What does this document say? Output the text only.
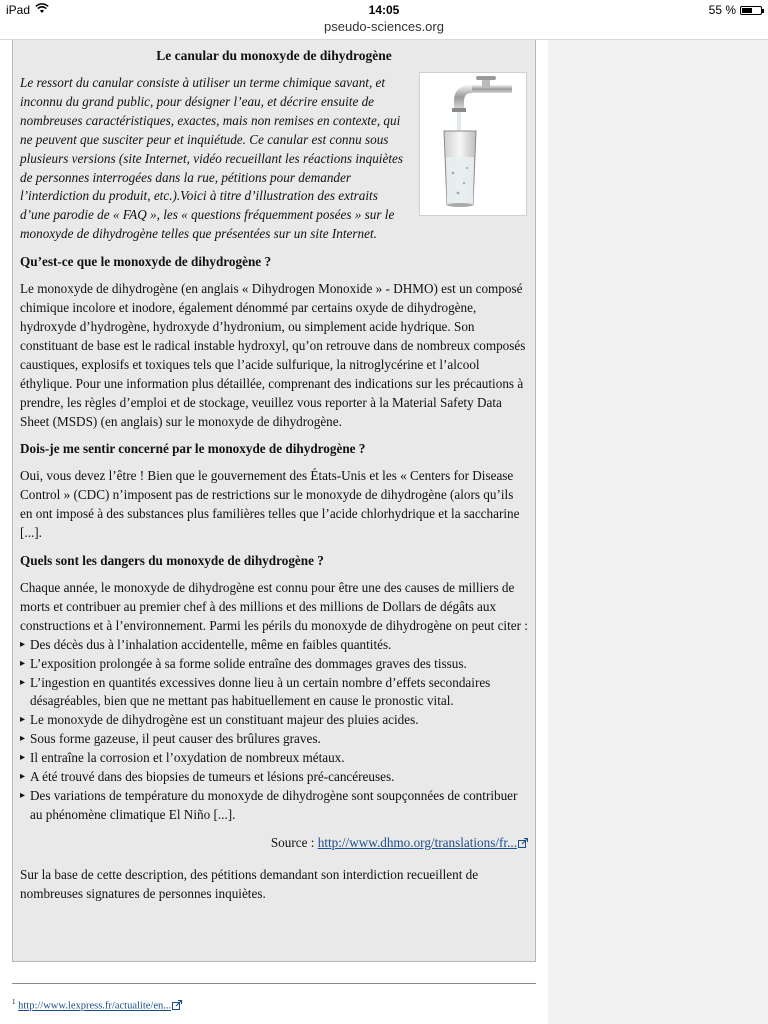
iPad	14:05	55 %
pseudo-sciences.org
Le canular du monoxyde de dihydrogène
Le ressort du canular consiste à utiliser un terme chimique savant, et inconnu du grand public, pour désigner l’eau, et décrire ensuite de nombreuses caractéristiques, exactes, mais non remises en contexte, qui ne peuvent que susciter peur et inquiétude. Ce canular est connu sous plusieurs versions (site Internet, vidéo recueillant les réactions inquiètes de personnes interrogées dans la rue, pétitions pour demander l’interdiction du produit, etc.).Voici à titre d’illustration des extraits d’une parodie de « FAQ », les « questions fréquemment posées » sur le monoxyde de dihydrogène telles que présentées sur un site Internet.
Qu’est-ce que le monoxyde de dihydrogène ?

Le monoxyde de dihydrogène (en anglais « Dihydrogen Monoxide » - DHMO) est un composé chimique incolore et inodore, également dénommé par certains oxyde de dihydrogène, hydroxyde d’hydrogène, hydroxyde d’hydronium, ou simplement acide hydrique. Son constituant de base est le radical instable hydroxyl, qu’on retrouve dans de nombreux composés caustiques, explosifs et toxiques tels que l’acide sulfurique, la nitroglycérine et l’alcool éthylique. Pour une information plus détaillée, comprenant des indications sur les précautions à prendre, les règles d’emploi et de stockage, veuillez vous reporter à la Material Safety Data Sheet (MSDS) (en anglais) sur le monoxyde de dihydrogène.

Dois-je me sentir concerné par le monoxyde de dihydrogène ?

Oui, vous devez l’être ! Bien que le gouvernement des États-Unis et les « Centers for Disease Control » (CDC) n’imposent pas de restrictions sur le monoxyde de dihydrogène (alors qu’ils en ont imposé à des substances plus familières telles que l’acide chlorhydrique et la saccharine [...].

Quels sont les dangers du monoxyde de dihydrogène ?

Chaque année, le monoxyde de dihydrogène est connu pour être une des causes de milliers de morts et contribuer au premier chef à des millions et des millions de Dollars de dégâts aux constructions et à l’environnement. Parmi les périls du monoxyde de dihydrogène on peut citer :

▸ Des décès dus à l’inhalation accidentelle, même en faibles quantités.
▸ L’exposition prolongée à sa forme solide entraîne des dommages graves des tissus.
▸ L’ingestion en quantités excessives donne lieu à un certain nombre d’effets secondaires désagréables, bien que ne mettant pas habituellement en cause le pronostic vital.
▸ Le monoxyde de dihydrogène est un constituant majeur des pluies acides.
▸ Sous forme gazeuse, il peut causer des brûlures graves.
▸ Il entraîne la corrosion et l’oxydation de nombreux métaux.
▸ A été trouvé dans des biopsies de tumeurs et lésions pré-cancéreuses.
▸ Des variations de température du monoxyde de dihydrogène sont soupçonnées de contribuer au phénomène climatique El Niño [...].
Source : http://www.dhmo.org/translations/fr...

Sur la base de cette description, des pétitions demandant son interdiction recueillent de nombreuses signatures de personnes inquiètes.

$^1$ http://www.lexpress.fr/actualite/en...
